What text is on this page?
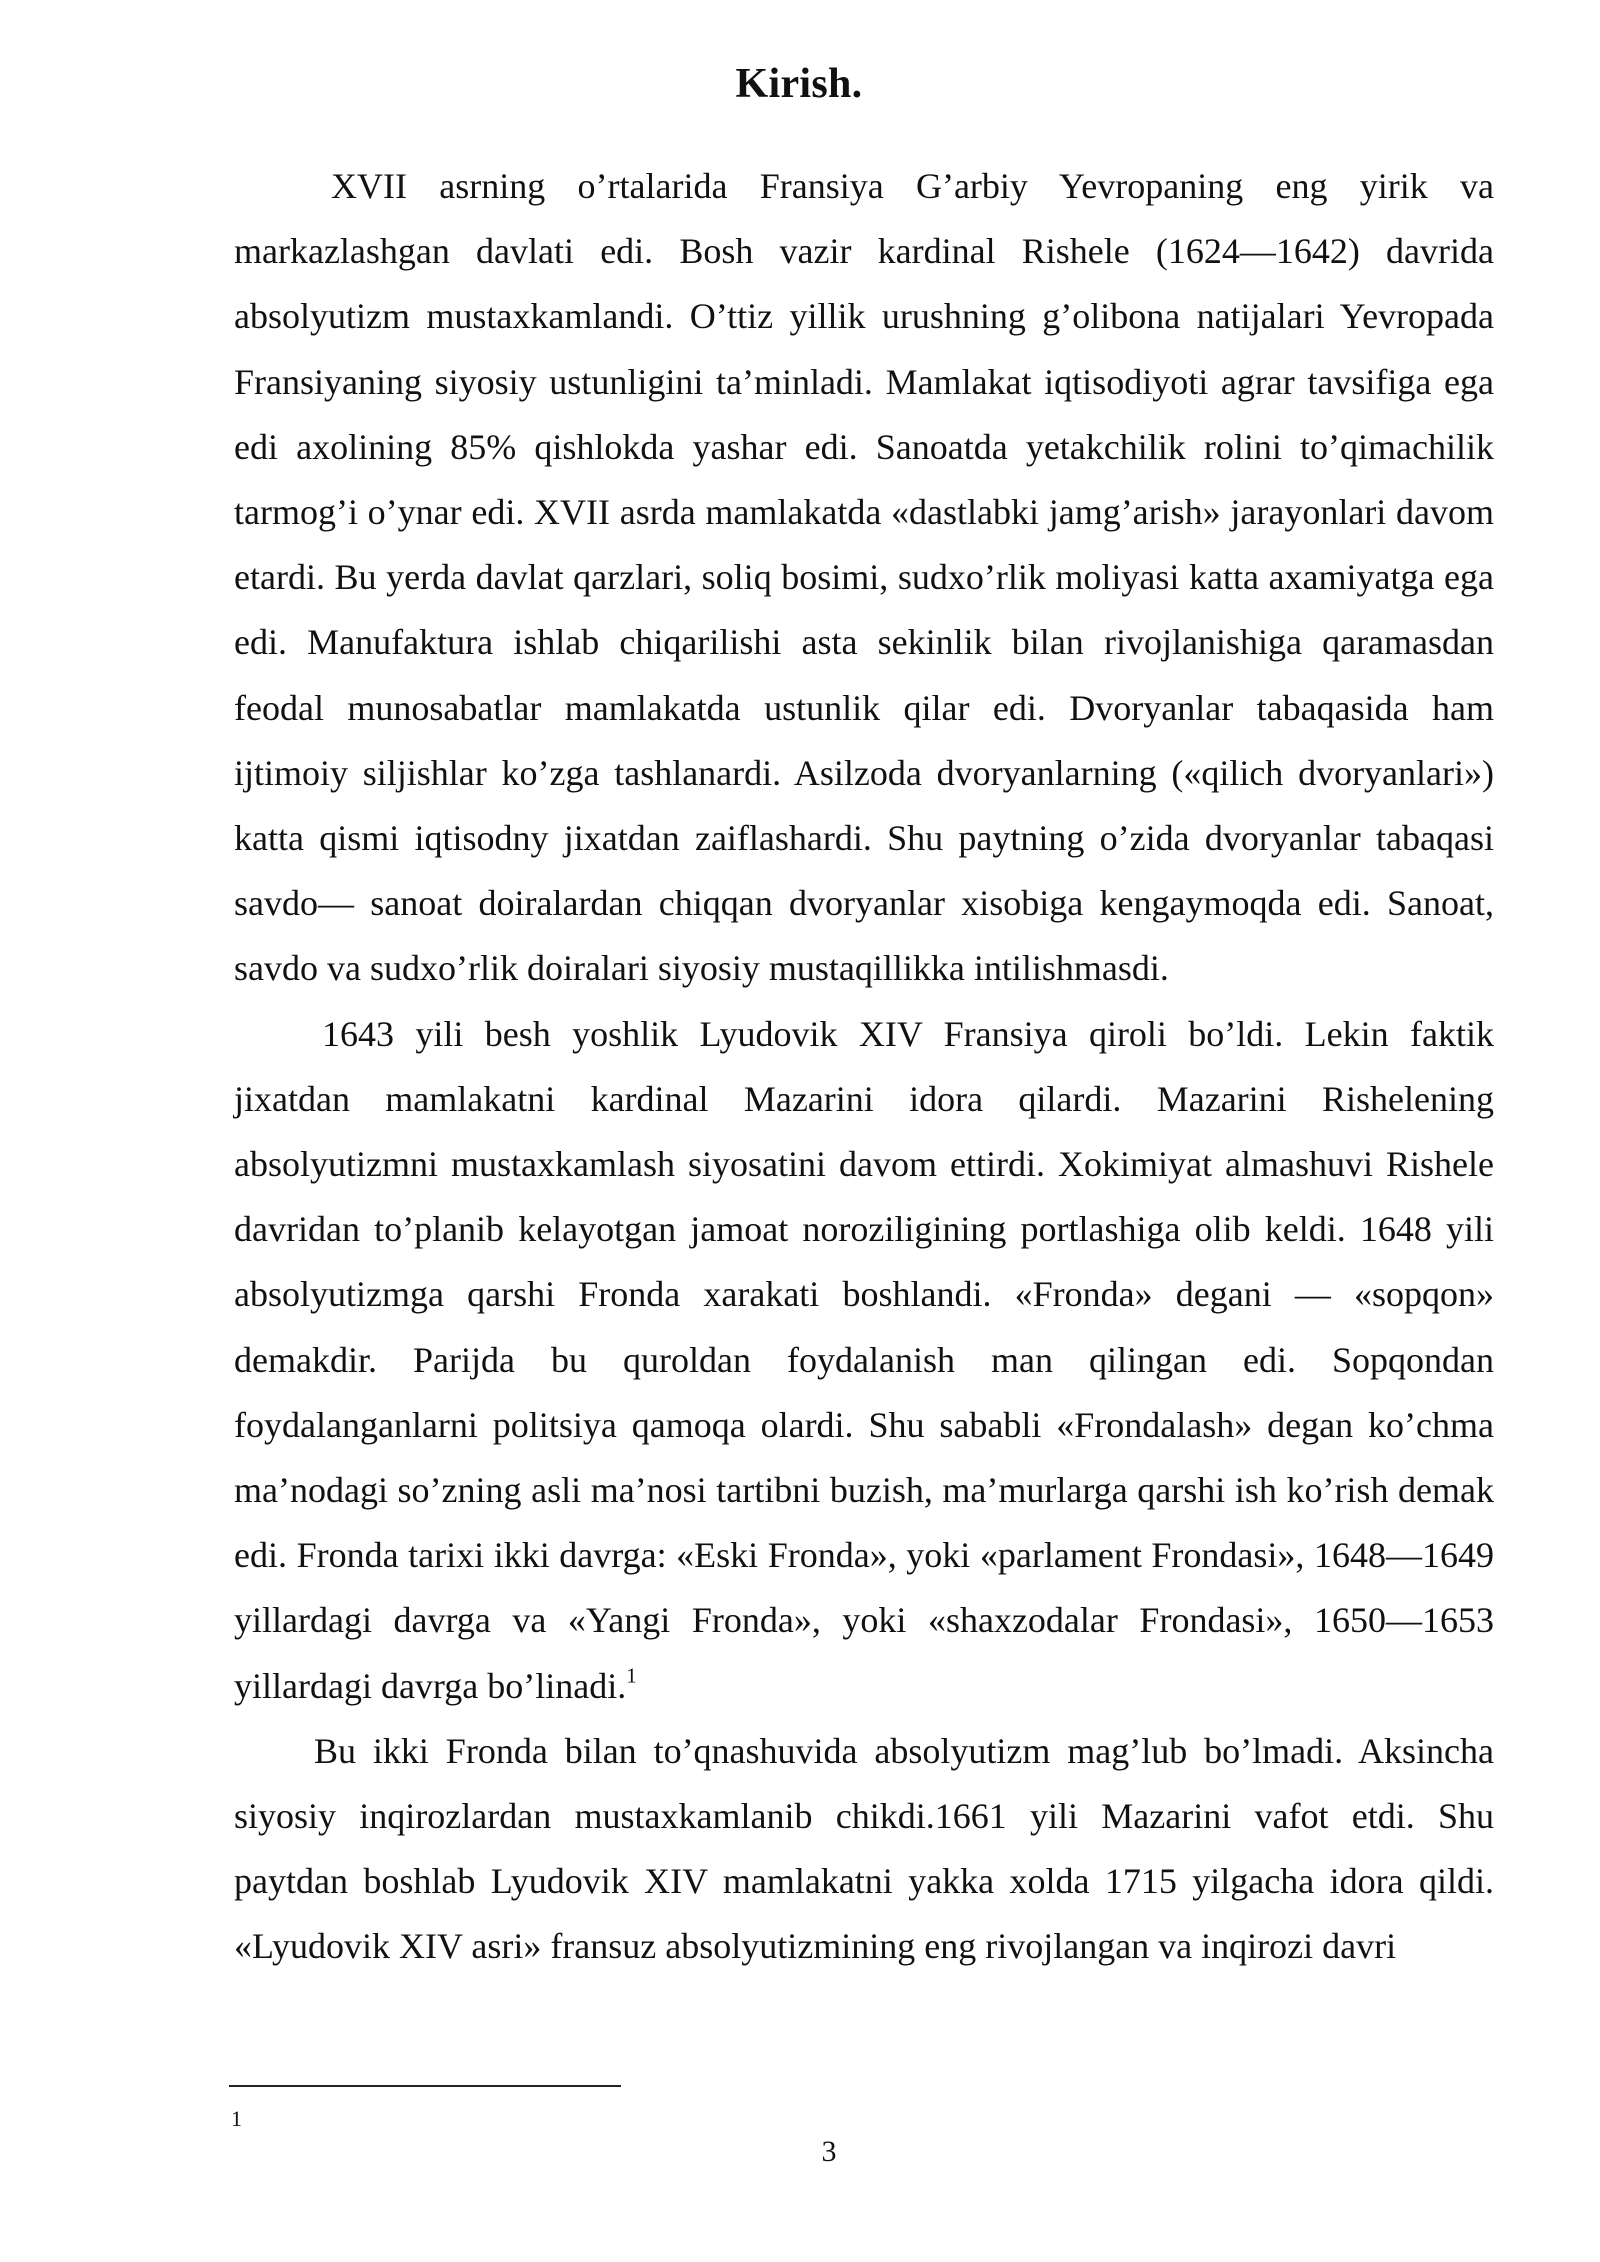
Kirish.

XVII asrning o’rtalarida Fransiya G’arbiy Yevropaning eng yirik va markazlashgan davlati edi. Bosh vazir kardinal Rishele (1624—1642) davrida absolyutizm mustaxkamlandi. O’ttiz yillik urushning g’olibona natijalari Yevropada Fransiyaning siyosiy ustunligini ta’minladi. Mamlakat iqtisodiyoti agrar tavsifiga ega edi axolining 85% qishlokda yashar edi. Sanoatda yetakchilik rolini to’qimachilik tarmog’i o’ynar edi. XVII asrda mamlakatda «dastlabki jamg’arish» jarayonlari davom etardi. Bu yerda davlat qarzlari, soliq bosimi, sudxo’rlik moliyasi katta axamiyatga ega edi. Manufaktura ishlab chiqarilishi asta sekinlik bilan rivojlanishiga qaramasdan feodal munosabatlar mamlakatda ustunlik qilar edi. Dvoryanlar tabaqasida ham ijtimoiy siljishlar ko’zga tashlanardi. Asilzoda dvoryanlarning («qilich dvoryanlari») katta qismi iqtisodny jixatdan zaiflashardi. Shu paytning o’zida dvoryanlar tabaqasi savdo— sanoat doiralardan chiqqan dvoryanlar xisobiga kengaymoqda edi. Sanoat, savdo va sudxo’rlik doiralari siyosiy mustaqillikka intilishmasdi.

1643 yili besh yoshlik Lyudovik XIV Fransiya qiroli bo’ldi. Lekin faktik jixatdan mamlakatni kardinal Mazarini idora qilardi. Mazarini Rishelening absolyutizmni mustaxkamlash siyosatini davom ettirdi. Xokimiyat almashuvi Rishele davridan to’planib kelayotgan jamoat noroziligining portlashiga olib keldi. 1648 yili absolyutizmga qarshi Fronda xarakati boshlandi. «Fronda» degani — «sopqon» demakdir. Parijda bu quroldan foydalanish man qilingan edi. Sopqondan foydalanganlarni politsiya qamoqa olardi. Shu sababli «Frondalash» degan ko’chma ma’nodagi so’zning asli ma’nosi tartibni buzish, ma’murlarga qarshi ish ko’rish demak edi. Fronda tarixi ikki davrga: «Eski Fronda», yoki «parlament Frondasi», 1648—1649 yillardagi davrga va «Yangi Fronda», yoki «shaxzodalar Frondasi», 1650—1653 yillardagi davrga bo’linadi.$^1$

Bu ikki Fronda bilan to’qnashuvida absolyutizm mag’lub bo’lmadi. Aksincha siyosiy inqirozlardan mustaxkamlanib chikdi.1661 yili Mazarini vafot etdi. Shu paytdan boshlab Lyudovik XIV mamlakatni yakka xolda 1715 yilgacha idora qildi. «Lyudovik XIV asri» fransuz absolyutizmining eng rivojlangan va inqirozi davri

1
3
